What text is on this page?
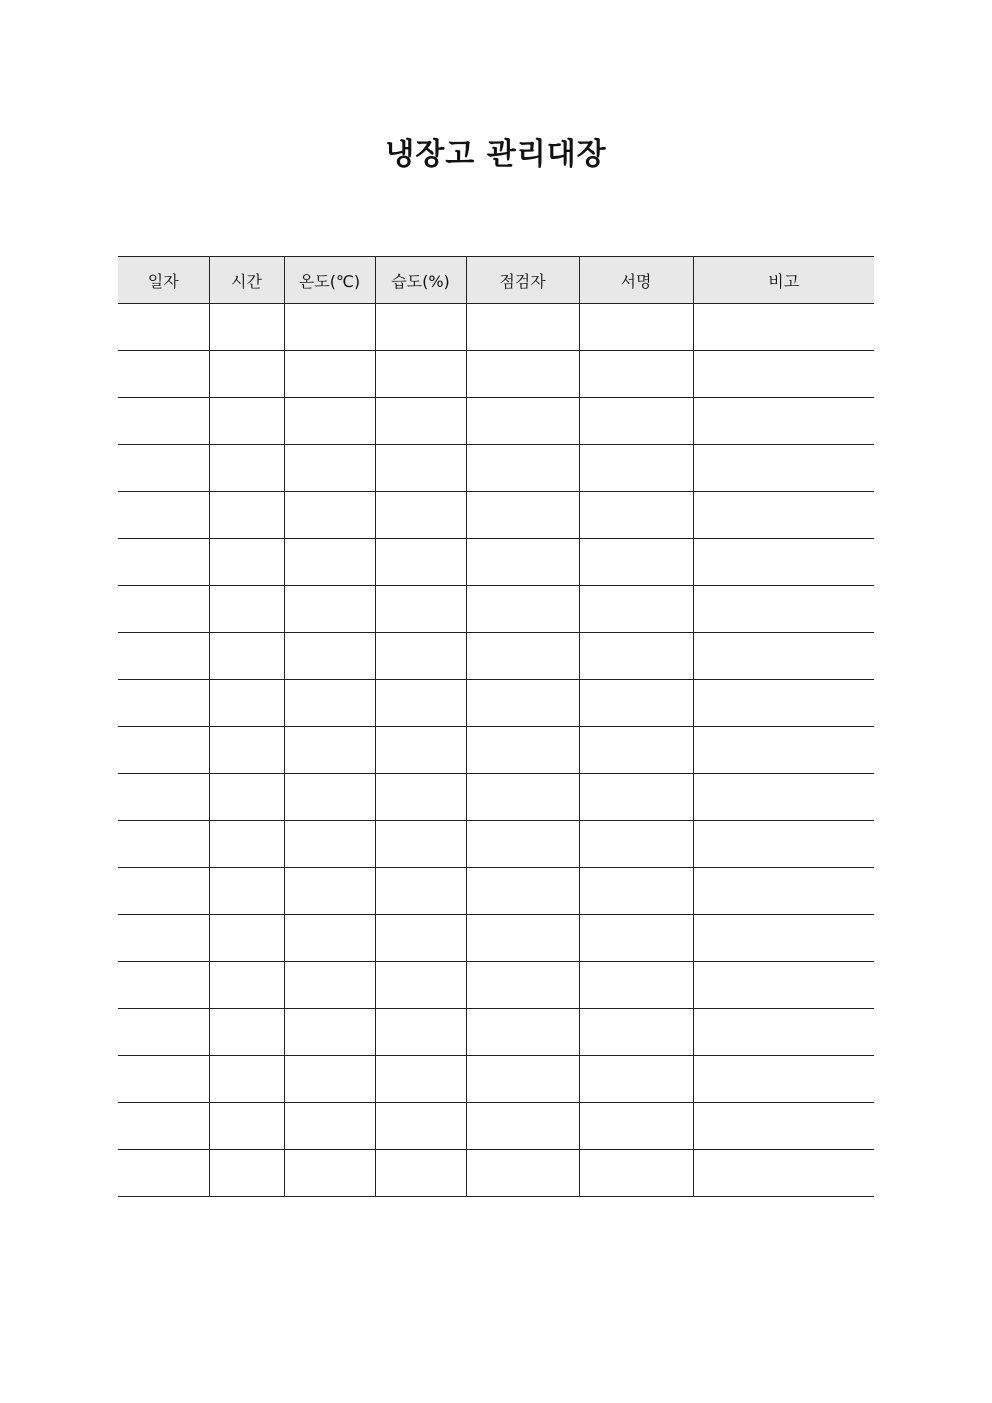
냉장고 관리대장
일자	시간	온도(℃)	습도(%)	점검자	서명	비고
